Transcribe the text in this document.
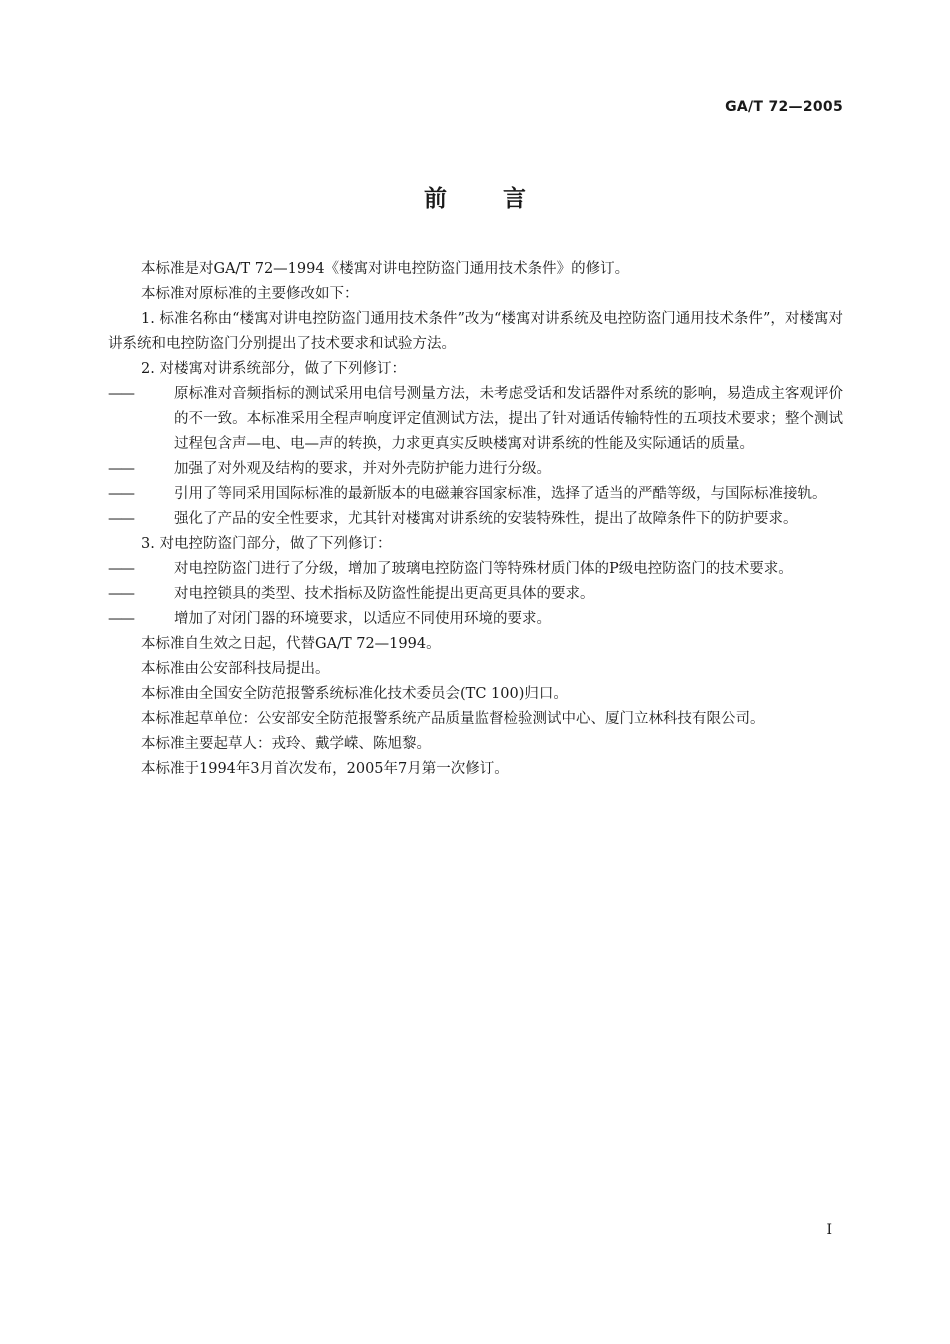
GA/T 72—2005
前 言

本标准是对GA/T 72—1994《楼寓对讲电控防盗门通用技术条件》的修订。

本标准对原标准的主要修改如下：

1. 标准名称由“楼寓对讲电控防盗门通用技术条件”改为“楼寓对讲系统及电控防盗门通用技术条件”，对楼寓对讲系统和电控防盗门分别提出了技术要求和试验方法。

2. 对楼寓对讲系统部分，做了下列修订：

——	原标准对音频指标的测试采用电信号测量方法，未考虑受话和发话器件对系统的影响，易造成主客观评价的不一致。本标准采用全程声响度评定值测试方法，提出了针对通话传输特性的五项技术要求；整个测试过程包含声—电、电—声的转换，力求更真实反映楼寓对讲系统的性能及实际通话的质量。

——	加强了对外观及结构的要求，并对外壳防护能力进行分级。

——	引用了等同采用国际标准的最新版本的电磁兼容国家标准，选择了适当的严酷等级，与国际标准接轨。

——	强化了产品的安全性要求，尤其针对楼寓对讲系统的安装特殊性，提出了故障条件下的防护要求。

3. 对电控防盗门部分，做了下列修订：

——	对电控防盗门进行了分级，增加了玻璃电控防盗门等特殊材质门体的P级电控防盗门的技术要求。

——	对电控锁具的类型、技术指标及防盗性能提出更高更具体的要求。

——	增加了对闭门器的环境要求，以适应不同使用环境的要求。

本标准自生效之日起，代替GA/T 72—1994。

本标准由公安部科技局提出。

本标准由全国安全防范报警系统标准化技术委员会(TC 100)归口。

本标准起草单位：公安部安全防范报警系统产品质量监督检验测试中心、厦门立林科技有限公司。

本标准主要起草人：戎玲、戴学嵘、陈旭黎。

本标准于1994年3月首次发布，2005年7月第一次修订。

I
